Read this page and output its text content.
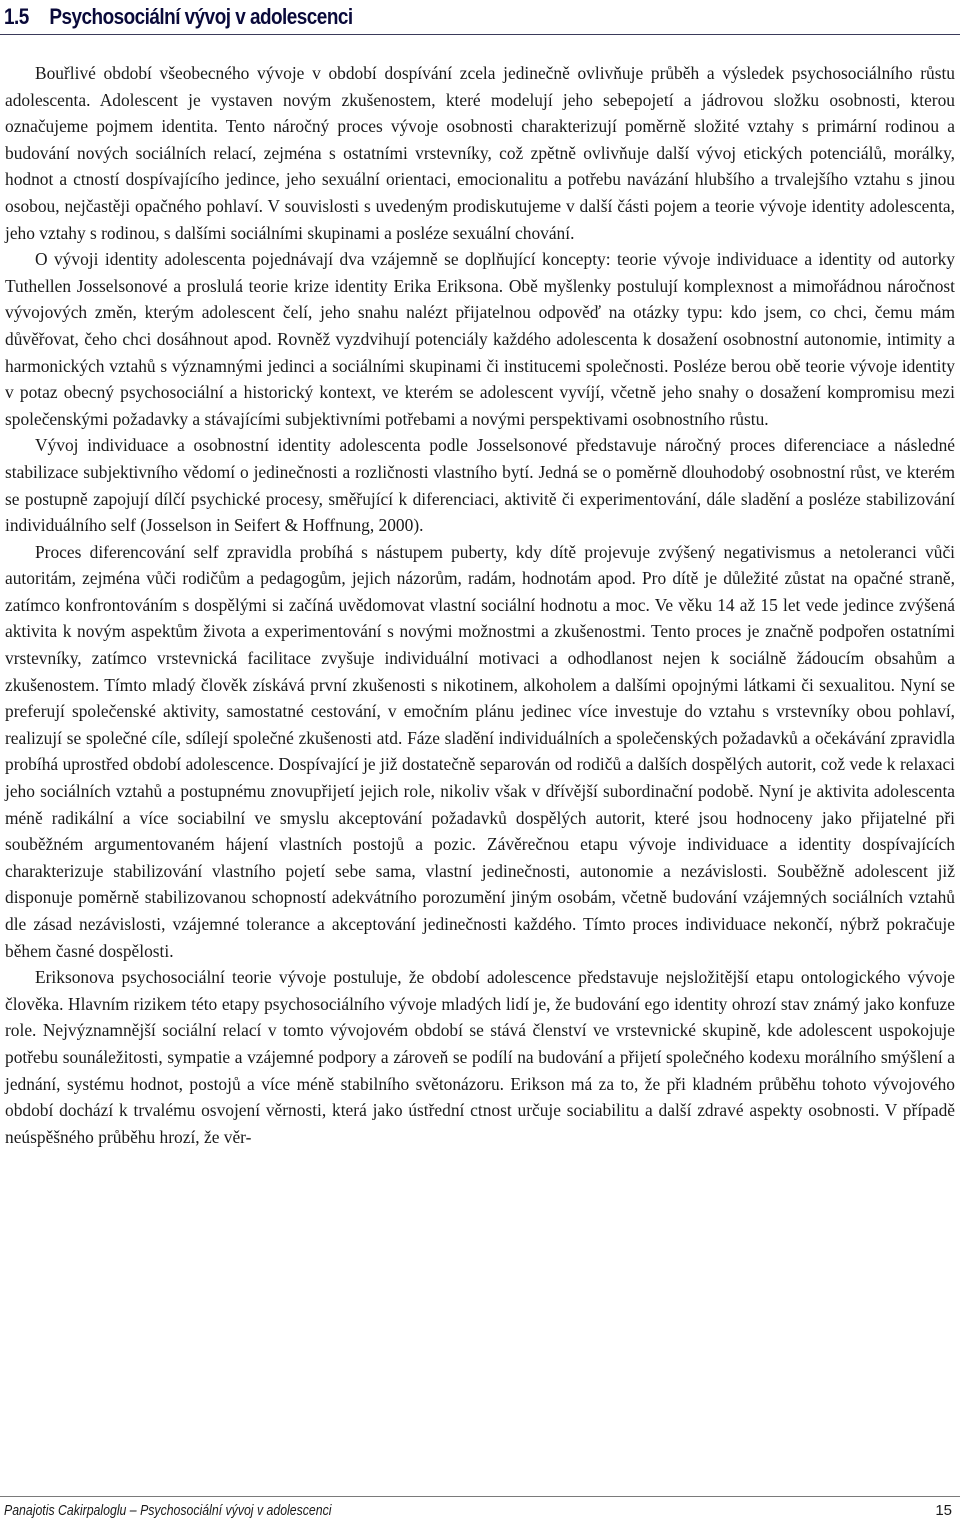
1.5 Psychosociální vývoj v adolescenci

Bouřlivé období všeobecného vývoje v období dospívání zcela jedinečně ovlivňuje průběh a výsledek psychosociálního růstu adolescenta. Adolescent je vystaven novým zkušenostem, které modelují jeho sebepojetí a jádrovou složku osobnosti, kterou označujeme pojmem identita. Tento náročný proces vývoje osobnosti charakterizují poměrně složité vztahy s primární rodinou a budování nových sociálních relací, zejména s ostatními vrstevníky, což zpětně ovlivňuje další vývoj etických potenciálů, morálky, hodnot a ctností dospívajícího jedince, jeho sexuální orientaci, emocionalitu a potřebu navázání hlubšího a trvalejšího vztahu s jinou osobou, nejčastěji opačného pohlaví. V souvislosti s uvedeným prodiskutujeme v další části pojem a teorie vývoje identity adolescenta, jeho vztahy s rodinou, s dalšími sociálními skupinami a posléze sexuální chování.

O vývoji identity adolescenta pojednávají dva vzájemně se doplňující koncepty: teorie vývoje individuace a identity od autorky Tuthellen Josselsonové a proslulá teorie krize identity Erika Eriksona. Obě myšlenky postulují komplexnost a mimořádnou náročnost vývojových změn, kterým adolescent čelí, jeho snahu nalézt přijatelnou odpověď na otázky typu: kdo jsem, co chci, čemu mám důvěřovat, čeho chci dosáhnout apod. Rovněž vyzdvihují potenciály každého adolescenta k dosažení osobnostní autonomie, intimity a harmonických vztahů s významnými jedinci a sociálními skupinami či institucemi společnosti. Posléze berou obě teorie vývoje identity v potaz obecný psychosociální a historický kontext, ve kterém se adolescent vyvíjí, včetně jeho snahy o dosažení kompromisu mezi společenskými požadavky a stávajícími subjektivními potřebami a novými perspektivami osobnostního růstu.

Vývoj individuace a osobnostní identity adolescenta podle Josselsonové představuje náročný proces diferenciace a následné stabilizace subjektivního vědomí o jedinečnosti a rozličnosti vlastního bytí. Jedná se o poměrně dlouhodobý osobnostní růst, ve kterém se postupně zapojují dílčí psychické procesy, směřující k diferenciaci, aktivitě či experimentování, dále sladění a posléze stabilizování individuálního self (Josselson in Seifert & Hoffnung, 2000).

Proces diferencování self zpravidla probíhá s nástupem puberty, kdy dítě projevuje zvýšený negativismus a netoleranci vůči autoritám, zejména vůči rodičům a pedagogům, jejich názorům, radám, hodnotám apod. Pro dítě je důležité zůstat na opačné straně, zatímco konfrontováním s dospělými si začíná uvědomovat vlastní sociální hodnotu a moc. Ve věku 14 až 15 let vede jedince zvýšená aktivita k novým aspektům života a experimentování s novými možnostmi a zkušenostmi. Tento proces je značně podpořen ostatními vrstevníky, zatímco vrstevnická facilitace zvyšuje individuální motivaci a odhodlanost nejen k sociálně žádoucím obsahům a zkušenostem. Tímto mladý člověk získává první zkušenosti s nikotinem, alkoholem a dalšími opojnými látkami či sexualitou. Nyní se preferují společenské aktivity, samostatné cestování, v emočním plánu jedinec více investuje do vztahu s vrstevníky obou pohlaví, realizují se společné cíle, sdílejí společné zkušenosti atd. Fáze sladění individuálních a společenských požadavků a očekávání zpravidla probíhá uprostřed období adolescence. Dospívající je již dostatečně separován od rodičů a dalších dospělých autorit, což vede k relaxaci jeho sociálních vztahů a postupnému znovupřijetí jejich role, nikoliv však v dřívější subordinační podobě. Nyní je aktivita adolescenta méně radikální a více sociabilní ve smyslu akceptování požadavků dospělých autorit, které jsou hodnoceny jako přijatelné při souběžném argumentovaném hájení vlastních postojů a pozic. Závěrečnou etapu vývoje individuace a identity dospívajících charakterizuje stabilizování vlastního pojetí sebe sama, vlastní jedinečnosti, autonomie a nezávislosti. Souběžně adolescent již disponuje poměrně stabilizovanou schopností adekvátního porozumění jiným osobám, včetně budování vzájemných sociálních vztahů dle zásad nezávislosti, vzájemné tolerance a akceptování jedinečnosti každého. Tímto proces individuace nekončí, nýbrž pokračuje během časné dospělosti.

Eriksonova psychosociální teorie vývoje postuluje, že období adolescence představuje nejsložitější etapu ontologického vývoje člověka. Hlavním rizikem této etapy psychosociálního vývoje mladých lidí je, že budování ego identity ohrozí stav známý jako konfuze role. Nejvýznamnější sociální relací v tomto vývojovém období se stává členství ve vrstevnické skupině, kde adolescent uspokojuje potřebu sounáležitosti, sympatie a vzájemné podpory a zároveň se podílí na budování a přijetí společného kodexu morálního smýšlení a jednání, systému hodnot, postojů a více méně stabilního světonázoru. Erikson má za to, že při kladném průběhu tohoto vývojového období dochází k trvalému osvojení věrnosti, která jako ústřední ctnost určuje sociabilitu a další zdravé aspekty osobnosti. V případě neúspěšného průběhu hrozí, že věr-

Panajotis Cakirpaloglu – Psychosociální vývoj v adolescenci	15
